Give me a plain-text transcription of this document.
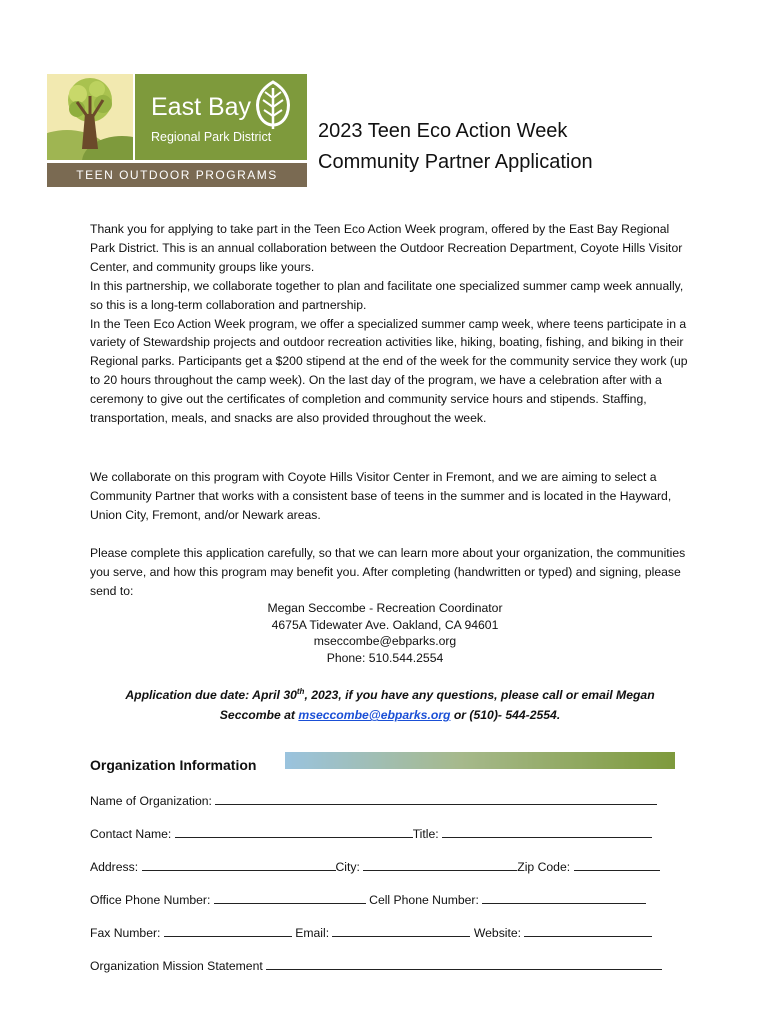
East Bay
Regional Park District
TEEN OUTDOOR PROGRAMS
2023 Teen Eco Action Week
Community Partner Application

Thank you for applying to take part in the Teen Eco Action Week program, offered by the East Bay Regional Park District. This is an annual collaboration between the Outdoor Recreation Department, Coyote Hills Visitor Center, and community groups like yours.

In this partnership, we collaborate together to plan and facilitate one specialized summer camp week annually, so this is a long-term collaboration and partnership.

In the Teen Eco Action Week program, we offer a specialized summer camp week, where teens participate in a variety of Stewardship projects and outdoor recreation activities like, hiking, boating, fishing, and biking in their Regional parks. Participants get a $200 stipend at the end of the week for the community service they work (up to 20 hours throughout the camp week). On the last day of the program, we have a celebration after with a ceremony to give out the certificates of completion and community service hours and stipends. Staffing, transportation, meals, and snacks are also provided throughout the week.

We collaborate on this program with Coyote Hills Visitor Center in Fremont, and we are aiming to select a Community Partner that works with a consistent base of teens in the summer and is located in the Hayward, Union City, Fremont, and/or Newark areas.

Please complete this application carefully, so that we can learn more about your organization, the communities you serve, and how this program may benefit you. After completing (handwritten or typed) and signing, please send to:

Megan Seccombe - Recreation Coordinator
4675A Tidewater Ave. Oakland, CA 94601
mseccombe@ebparks.org
Phone: 510.544.2554
Application due date: April 30th, 2023, if you have any questions, please call or email Megan
Seccombe at mseccombe@ebparks.org or (510)- 544-2554.
Organization Information
Name of Organization:
Contact Name:	Title:
Address:	City:	Zip Code:
Office Phone Number:	Cell Phone Number:
Fax Number:	Email:	Website:
Organization Mission Statement
